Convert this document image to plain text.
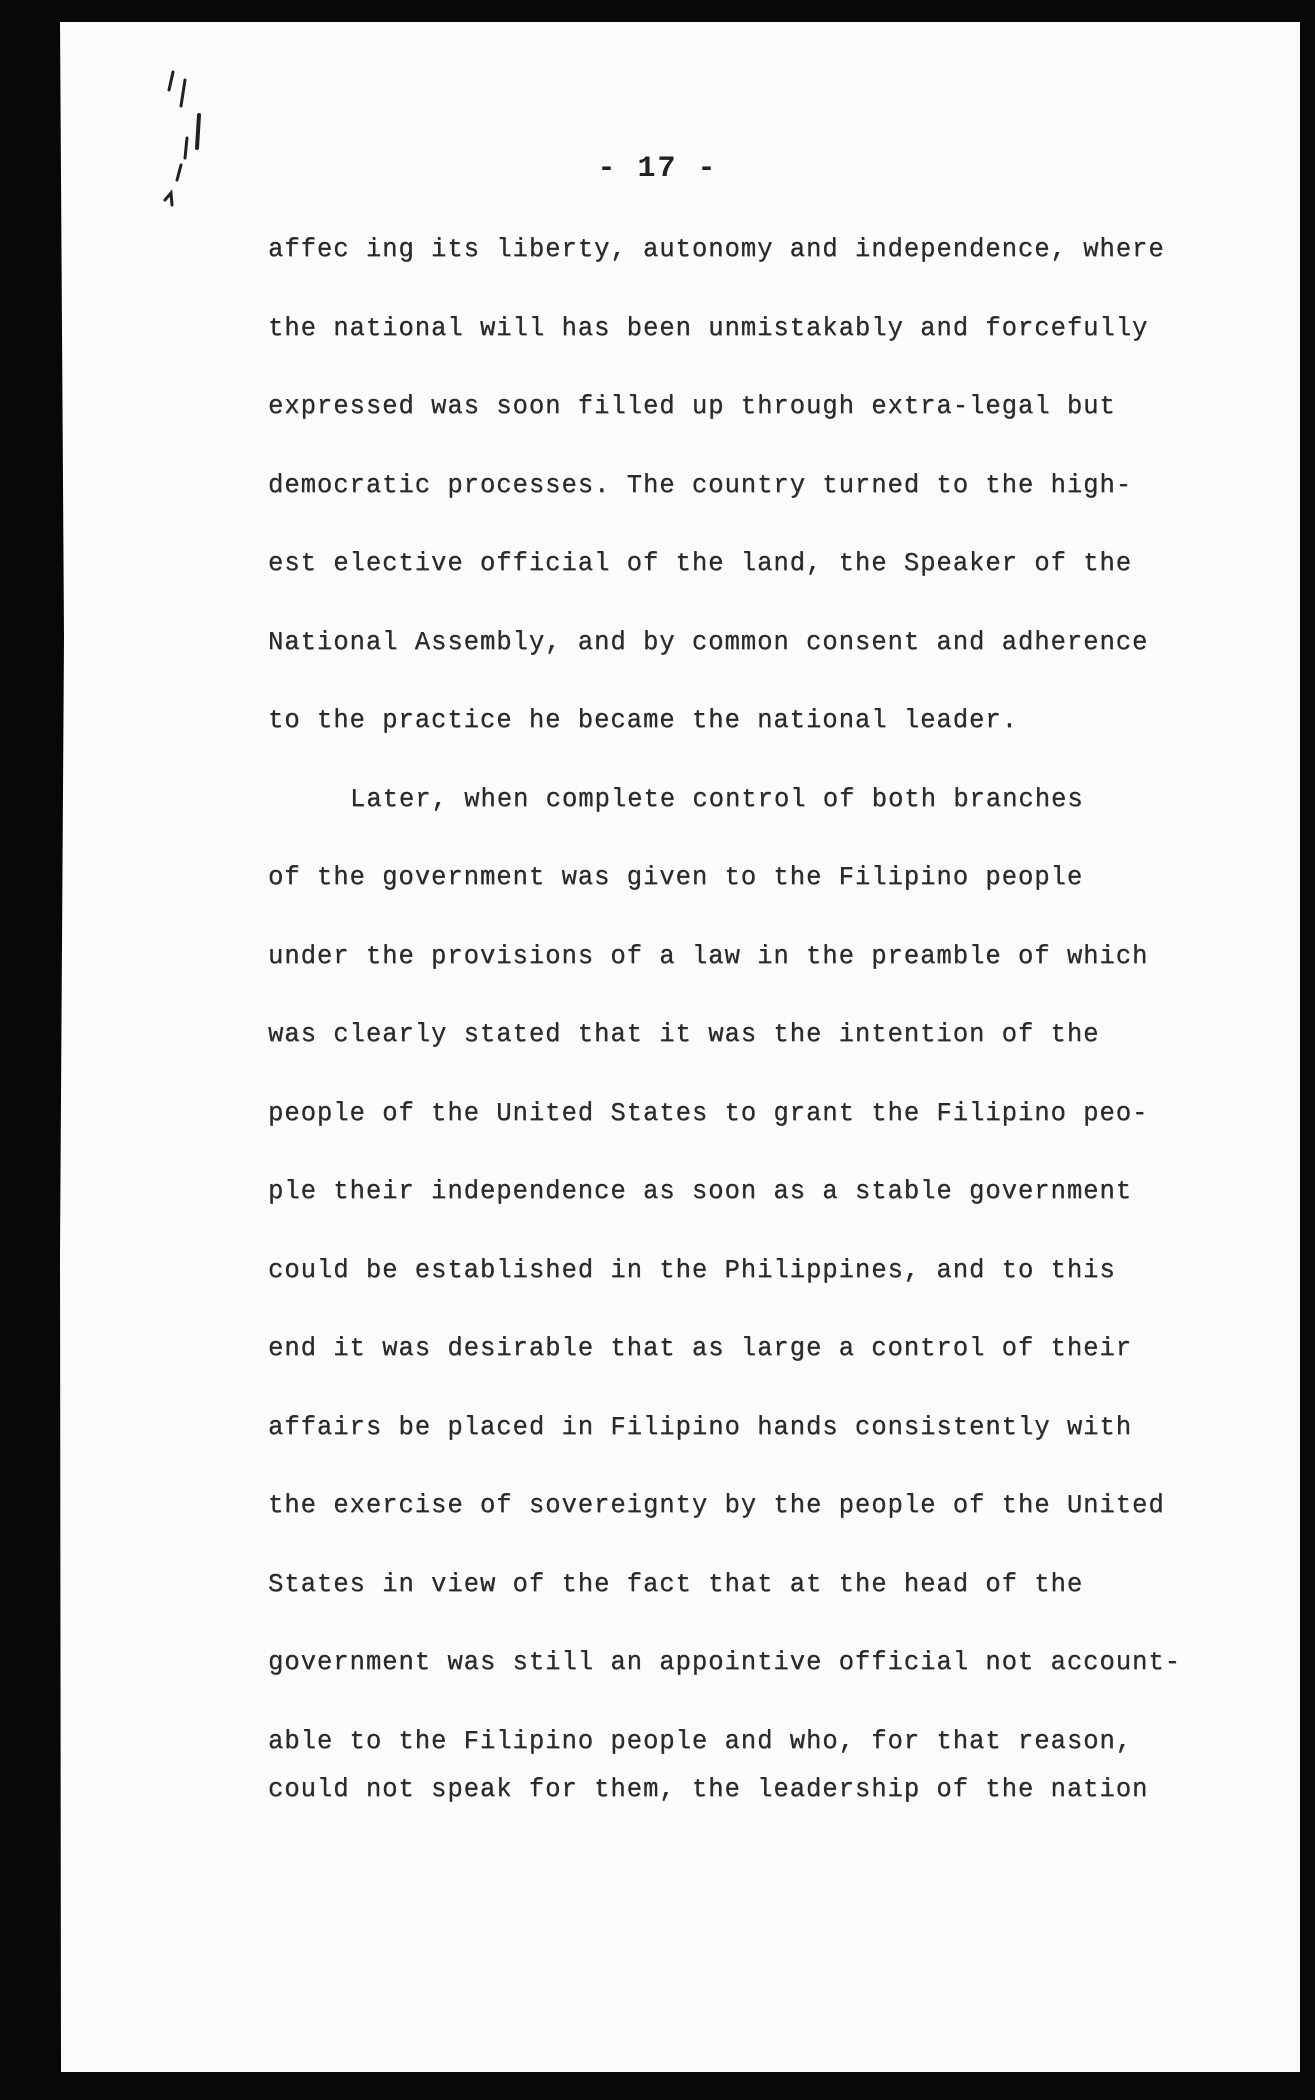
- 17 -
affec ing its liberty, autonomy and independence, where
the national will has been unmistakably and forcefully
expressed was soon filled up through extra-legal but
democratic processes. The country turned to the high-
est elective official of the land, the Speaker of the
National Assembly, and by common consent and adherence
to the practice he became the national leader.
Later, when complete control of both branches
of the government was given to the Filipino people
under the provisions of a law in the preamble of which
was clearly stated that it was the intention of the
people of the United States to grant the Filipino peo-
ple their independence as soon as a stable government
could be established in the Philippines, and to this
end it was desirable that as large a control of their
affairs be placed in Filipino hands consistently with
the exercise of sovereignty by the people of the United
States in view of the fact that at the head of the
government was still an appointive official not account-
able to the Filipino people and who, for that reason,
could not speak for them, the leadership of the nation
